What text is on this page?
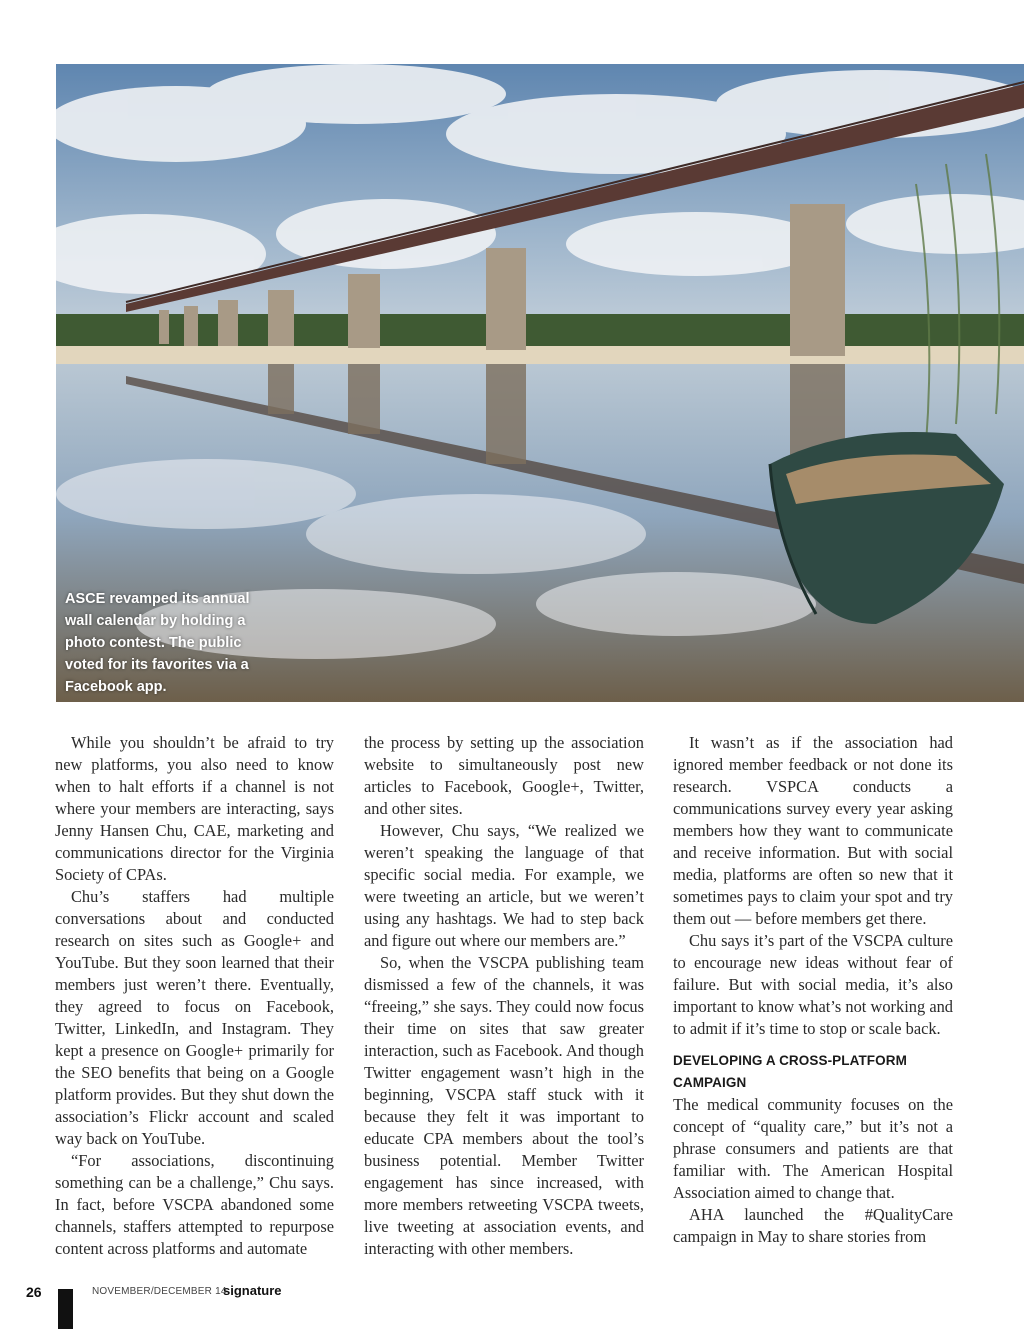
ASCE revamped its annual wall calendar by holding a photo contest. The public voted for its favorites via a Facebook app.

While you shouldn’t be afraid to try new platforms, you also need to know when to halt efforts if a channel is not where your members are interacting, says Jenny Hansen Chu, CAE, marketing and communications director for the Virginia Society of CPAs.

Chu’s staffers had multiple conversations about and conducted research on sites such as Google+ and YouTube. But they soon learned that their members just weren’t there. Eventually, they agreed to focus on Facebook, Twitter, LinkedIn, and Instagram. They kept a presence on Google+ primarily for the SEO benefits that being on a Google platform provides. But they shut down the association’s Flickr account and scaled way back on YouTube.

“For associations, discontinuing something can be a challenge,” Chu says. In fact, before VSCPA abandoned some channels, staffers attempted to repurpose content across platforms and automate

the process by setting up the association website to simultaneously post new articles to Facebook, Google+, Twitter, and other sites.

However, Chu says, “We realized we weren’t speaking the language of that specific social media. For example, we were tweeting an article, but we weren’t using any hashtags. We had to step back and figure out where our members are.”

So, when the VSCPA publishing team dismissed a few of the channels, it was “freeing,” she says. They could now focus their time on sites that saw greater interaction, such as Facebook. And though Twitter engagement wasn’t high in the beginning, VSCPA staff stuck with it because they felt it was important to educate CPA members about the tool’s business potential. Member Twitter engagement has since increased, with more members retweeting VSCPA tweets, live tweeting at association events, and interacting with other members.

It wasn’t as if the association had ignored member feedback or not done its research. VSPCA conducts a communications survey every year asking members how they want to communicate and receive information. But with social media, platforms are often so new that it sometimes pays to claim your spot and try them out — before members get there.

Chu says it’s part of the VSCPA culture to encourage new ideas without fear of failure. But with social media, it’s also important to know what’s not working and to admit if it’s time to stop or scale back.

DEVELOPING A CROSS-PLATFORM CAMPAIGN

The medical community focuses on the concept of “quality care,” but it’s not a phrase consumers and patients are that familiar with. The American Hospital Association aimed to change that.

AHA launched the #QualityCare campaign in May to share stories from

26	NOVEMBER/DECEMBER 14
signature
